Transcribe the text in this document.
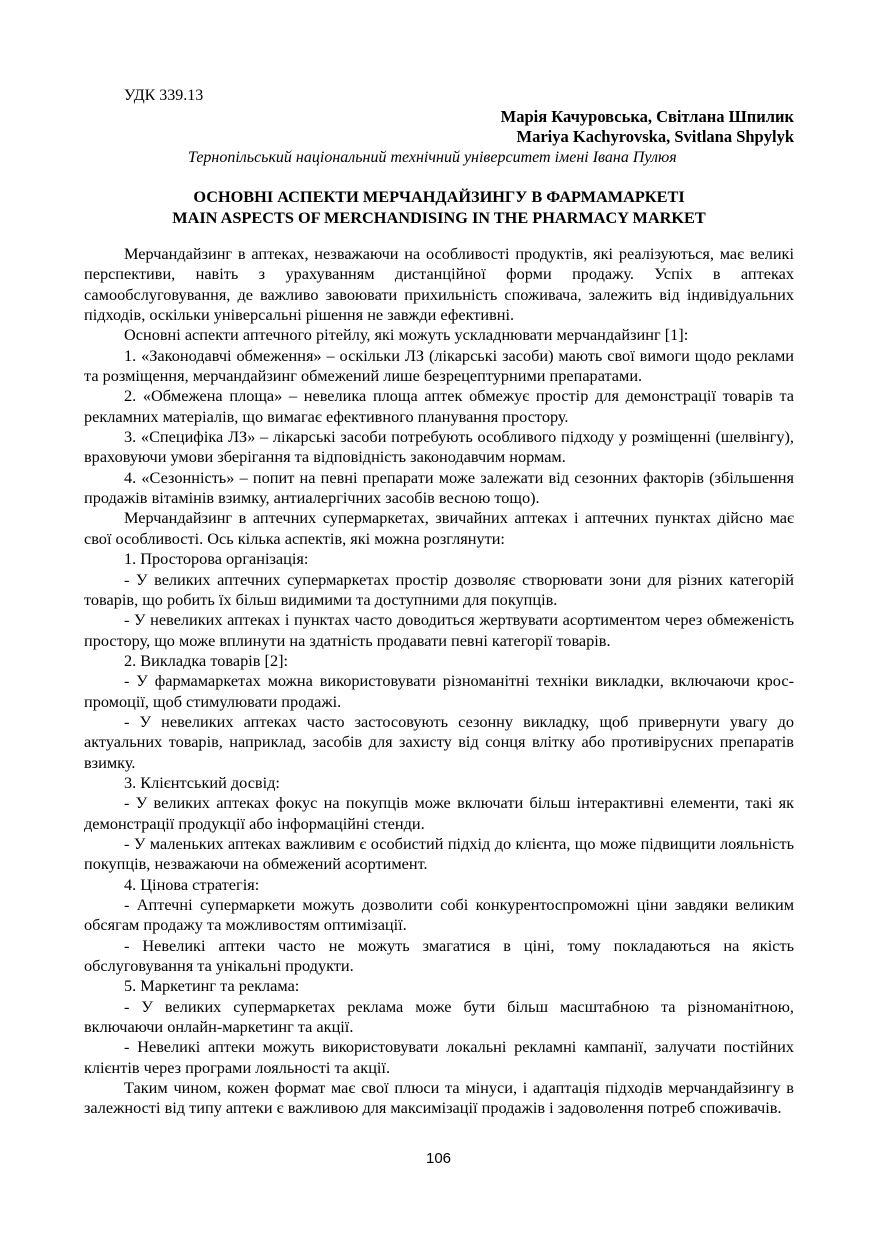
УДК 339.13
Марія Качуровська, Світлана Шпилик
Mariya Kachyrovska, Svitlana Shpylyk
Тернопільський національний технічний університет імені Івана Пулюя
ОСНОВНІ АСПЕКТИ МЕРЧАНДАЙЗИНГУ В ФАРМАМАРКЕТІ
MAIN ASPECTS OF MERCHANDISING IN THE PHARMACY MARKET

Мерчандайзинг в аптеках, незважаючи на особливості продуктів, які реалізуються, має великі перспективи, навіть з урахуванням дистанційної форми продажу. Успіх в аптеках самообслуговування, де важливо завоювати прихильність споживача, залежить від індивідуальних підходів, оскільки універсальні рішення не завжди ефективні.

Основні аспекти аптечного рітейлу, які можуть ускладнювати мерчандайзинг [1]:

1. «Законодавчі обмеження» – оскільки ЛЗ (лікарські засоби) мають свої вимоги щодо реклами та розміщення, мерчандайзинг обмежений лише безрецептурними препаратами.

2. «Обмежена площа» – невелика площа аптек обмежує простір для демонстрації товарів та рекламних матеріалів, що вимагає ефективного планування простору.

3. «Специфіка ЛЗ» – лікарські засоби потребують особливого підходу у розміщенні (шелвінгу), враховуючи умови зберігання та відповідність законодавчим нормам.

4. «Сезонність» – попит на певні препарати може залежати від сезонних факторів (збільшення продажів вітамінів взимку, антиалергічних засобів весною тощо).

Мерчандайзинг в аптечних супермаркетах, звичайних аптеках і аптечних пунктах дійсно має свої особливості. Ось кілька аспектів, які можна розглянути:

1. Просторова організація:

- У великих аптечних супермаркетах простір дозволяє створювати зони для різних категорій товарів, що робить їх більш видимими та доступними для покупців.

- У невеликих аптеках і пунктах часто доводиться жертвувати асортиментом через обмеженість простору, що може вплинути на здатність продавати певні категорії товарів.

2. Викладка товарів [2]:

- У фармамаркетах можна використовувати різноманітні техніки викладки, включаючи крос-промоції, щоб стимулювати продажі.

- У невеликих аптеках часто застосовують сезонну викладку, щоб привернути увагу до актуальних товарів, наприклад, засобів для захисту від сонця влітку або противірусних препаратів взимку.

3. Клієнтський досвід:

- У великих аптеках фокус на покупців може включати більш інтерактивні елементи, такі як демонстрації продукції або інформаційні стенди.

- У маленьких аптеках важливим є особистий підхід до клієнта, що може підвищити лояльність покупців, незважаючи на обмежений асортимент.

4. Цінова стратегія:

- Аптечні супермаркети можуть дозволити собі конкурентоспроможні ціни завдяки великим обсягам продажу та можливостям оптимізації.

- Невеликі аптеки часто не можуть змагатися в ціні, тому покладаються на якість обслуговування та унікальні продукти.

5. Маркетинг та реклама:

- У великих супермаркетах реклама може бути більш масштабною та різноманітною, включаючи онлайн-маркетинг та акції.

- Невеликі аптеки можуть використовувати локальні рекламні кампанії, залучати постійних клієнтів через програми лояльності та акції.

Таким чином, кожен формат має свої плюси та мінуси, і адаптація підходів мерчандайзингу в залежності від типу аптеки є важливою для максимізації продажів і задоволення потреб споживачів.

106
